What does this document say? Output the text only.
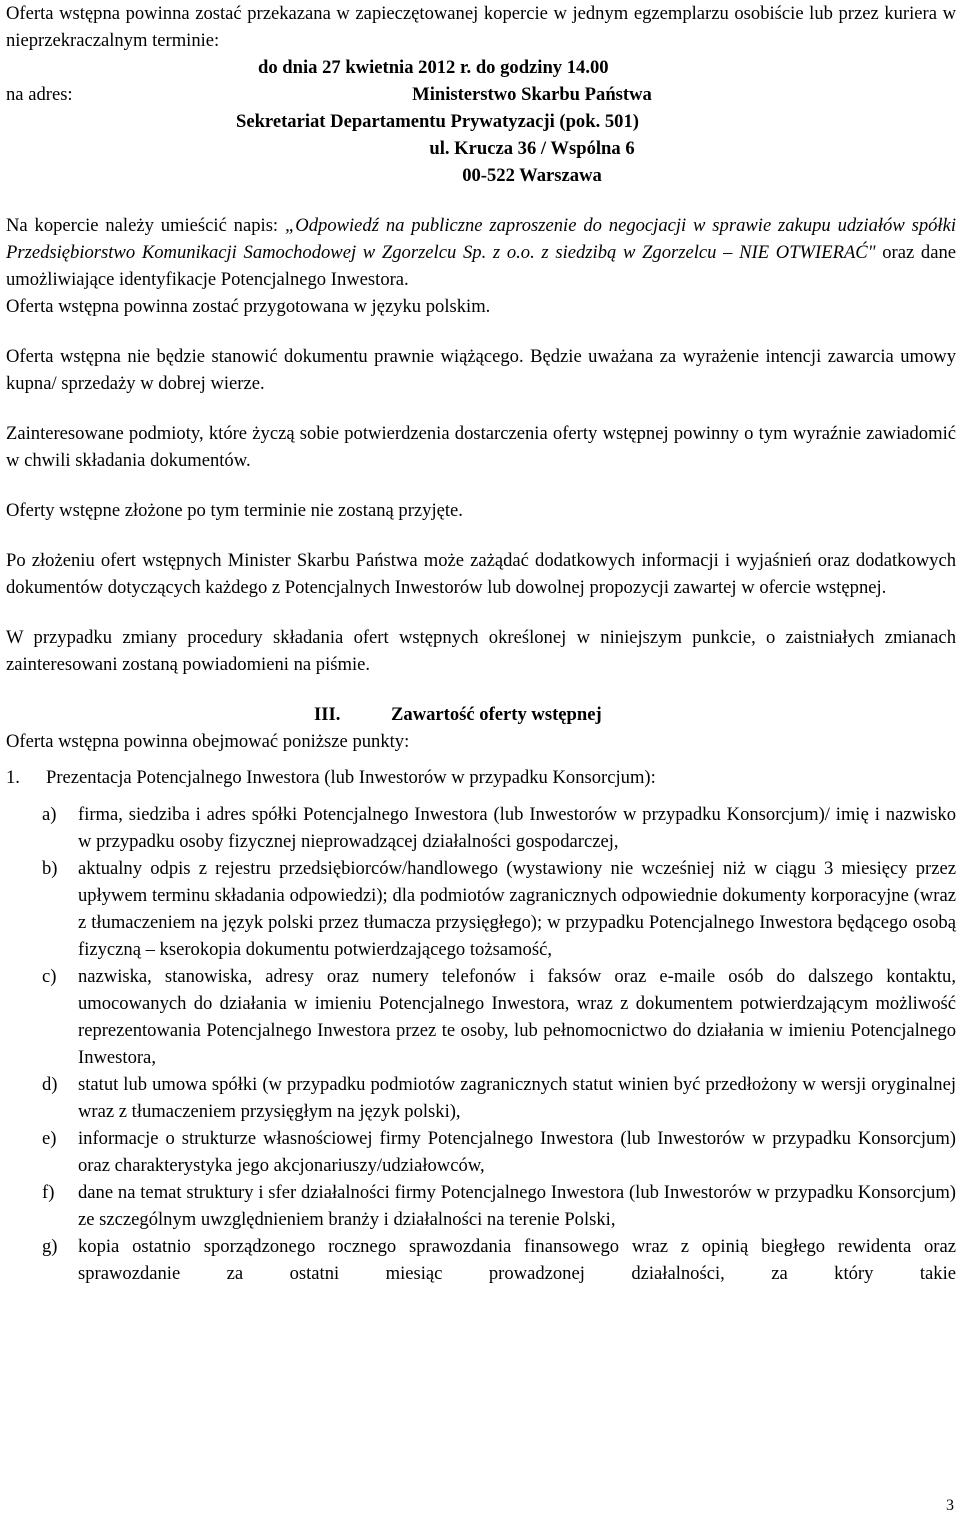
Oferta wstępna powinna zostać przekazana w zapieczętowanej kopercie w jednym egzemplarzu osobiście lub przez kuriera w nieprzekraczalnym terminie:

na adres:
do dnia 27 kwietnia 2012 r. do godziny 14.00
Ministerstwo Skarbu Państwa
Sekretariat Departamentu Prywatyzacji (pok. 501)
ul. Krucza 36 / Wspólna 6
00-522 Warszawa

Na kopercie należy umieścić napis: „Odpowiedź na publiczne zaproszenie do negocjacji w sprawie zakupu udziałów spółki Przedsiębiorstwo Komunikacji Samochodowej w Zgorzelcu Sp. z o.o. z siedzibą w Zgorzelcu – NIE OTWIERAĆ" oraz dane umożliwiające identyfikacje Potencjalnego Inwestora.

Oferta wstępna powinna zostać przygotowana w języku polskim.

Oferta wstępna nie będzie stanowić dokumentu prawnie wiążącego. Będzie uważana za wyrażenie intencji zawarcia umowy kupna/ sprzedaży w dobrej wierze.

Zainteresowane podmioty, które życzą sobie potwierdzenia dostarczenia oferty wstępnej powinny o tym wyraźnie zawiadomić w chwili składania dokumentów.

Oferty wstępne złożone po tym terminie nie zostaną przyjęte.

Po złożeniu ofert wstępnych Minister Skarbu Państwa może zażądać dodatkowych informacji i wyjaśnień oraz dodatkowych dokumentów dotyczących każdego z Potencjalnych Inwestorów lub dowolnej propozycji zawartej w ofercie wstępnej.

W przypadku zmiany procedury składania ofert wstępnych określonej w niniejszym punkcie, o zaistniałych zmianach zainteresowani zostaną powiadomieni na piśmie.

III.	Zawartość oferty wstępnej

Oferta wstępna powinna obejmować poniższe punkty:

1.	Prezentacja Potencjalnego Inwestora (lub Inwestorów w przypadku Konsorcjum):
a)	firma, siedziba i adres spółki Potencjalnego Inwestora (lub Inwestorów w przypadku Konsorcjum)/ imię i nazwisko w przypadku osoby fizycznej nieprowadzącej działalności gospodarczej,
b)	aktualny odpis z rejestru przedsiębiorców/handlowego (wystawiony nie wcześniej niż w ciągu 3 miesięcy przez upływem terminu składania odpowiedzi); dla podmiotów zagranicznych odpowiednie dokumenty korporacyjne (wraz z tłumaczeniem na język polski przez tłumacza przysięgłego); w przypadku Potencjalnego Inwestora będącego osobą fizyczną – kserokopia dokumentu potwierdzającego tożsamość,
c)	nazwiska, stanowiska, adresy oraz numery telefonów i faksów oraz e-maile osób do dalszego kontaktu, umocowanych do działania w imieniu Potencjalnego Inwestora, wraz z dokumentem potwierdzającym możliwość reprezentowania Potencjalnego Inwestora przez te osoby, lub pełnomocnictwo do działania w imieniu Potencjalnego Inwestora,
d)	statut lub umowa spółki (w przypadku podmiotów zagranicznych statut winien być przedłożony w wersji oryginalnej wraz z tłumaczeniem przysięgłym na język polski),
e)	informacje o strukturze własnościowej firmy Potencjalnego Inwestora (lub Inwestorów w przypadku Konsorcjum) oraz charakterystyka jego akcjonariuszy/udziałowców,
f)	dane na temat struktury i sfer działalności firmy Potencjalnego Inwestora (lub Inwestorów w przypadku Konsorcjum) ze szczególnym uwzględnieniem branży i działalności na terenie Polski,
g)	kopia ostatnio sporządzonego rocznego sprawozdania finansowego wraz z opinią biegłego rewidenta oraz sprawozdanie za ostatni miesiąc prowadzonej działalności, za który takie
3
